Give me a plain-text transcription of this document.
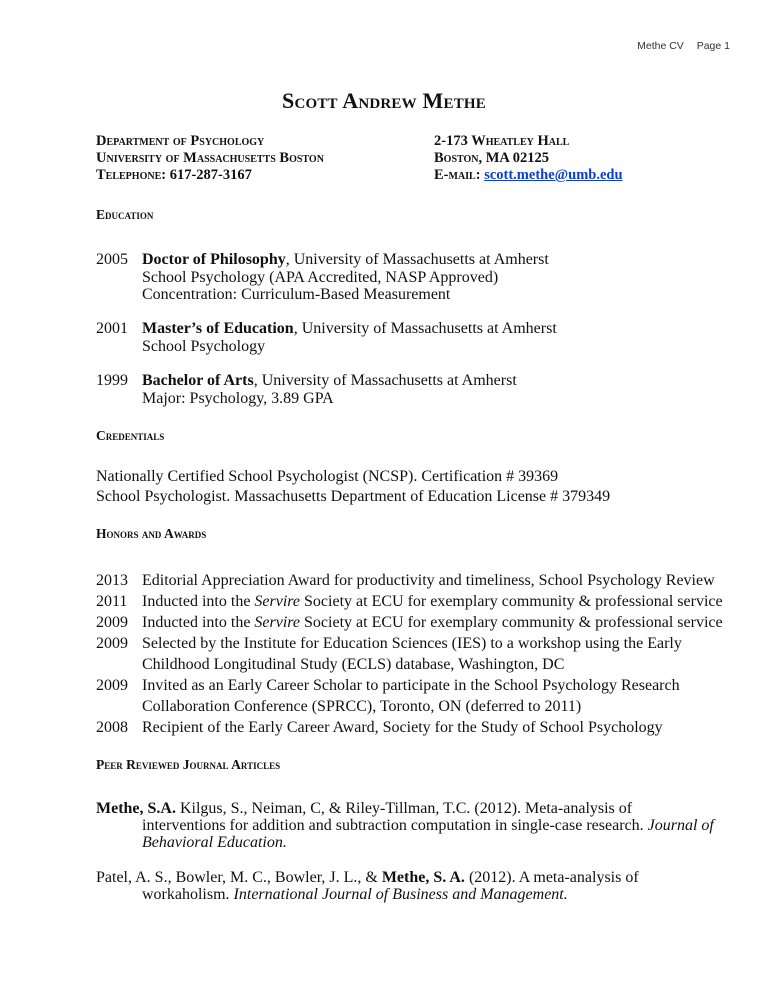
Methe CV Page 1
Scott Andrew Methe
Department of Psychology
University of Massachusetts Boston
Telephone: 617-287-3167
2-173 Wheatley Hall
Boston, MA 02125
E-mail: scott.methe@umb.edu
Education
2005 Doctor of Philosophy, University of Massachusetts at Amherst
School Psychology (APA Accredited, NASP Approved)
Concentration: Curriculum-Based Measurement
2001 Master’s of Education, University of Massachusetts at Amherst
School Psychology
1999 Bachelor of Arts, University of Massachusetts at Amherst
Major: Psychology, 3.89 GPA
Credentials
Nationally Certified School Psychologist (NCSP). Certification # 39369
School Psychologist. Massachusetts Department of Education License # 379349
Honors and Awards
2013 Editorial Appreciation Award for productivity and timeliness, School Psychology Review
2011 Inducted into the Servire Society at ECU for exemplary community & professional service
2009 Inducted into the Servire Society at ECU for exemplary community & professional service
2009 Selected by the Institute for Education Sciences (IES) to a workshop using the Early
Childhood Longitudinal Study (ECLS) database, Washington, DC
2009 Invited as an Early Career Scholar to participate in the School Psychology Research
Collaboration Conference (SPRCC), Toronto, ON (deferred to 2011)
2008 Recipient of the Early Career Award, Society for the Study of School Psychology
Peer Reviewed Journal Articles
Methe, S.A. Kilgus, S., Neiman, C, & Riley-Tillman, T.C. (2012). Meta-analysis of
interventions for addition and subtraction computation in single-case research. Journal of
Behavioral Education.
Patel, A. S., Bowler, M. C., Bowler, J. L., & Methe, S. A. (2012). A meta-analysis of
workaholism. International Journal of Business and Management.
